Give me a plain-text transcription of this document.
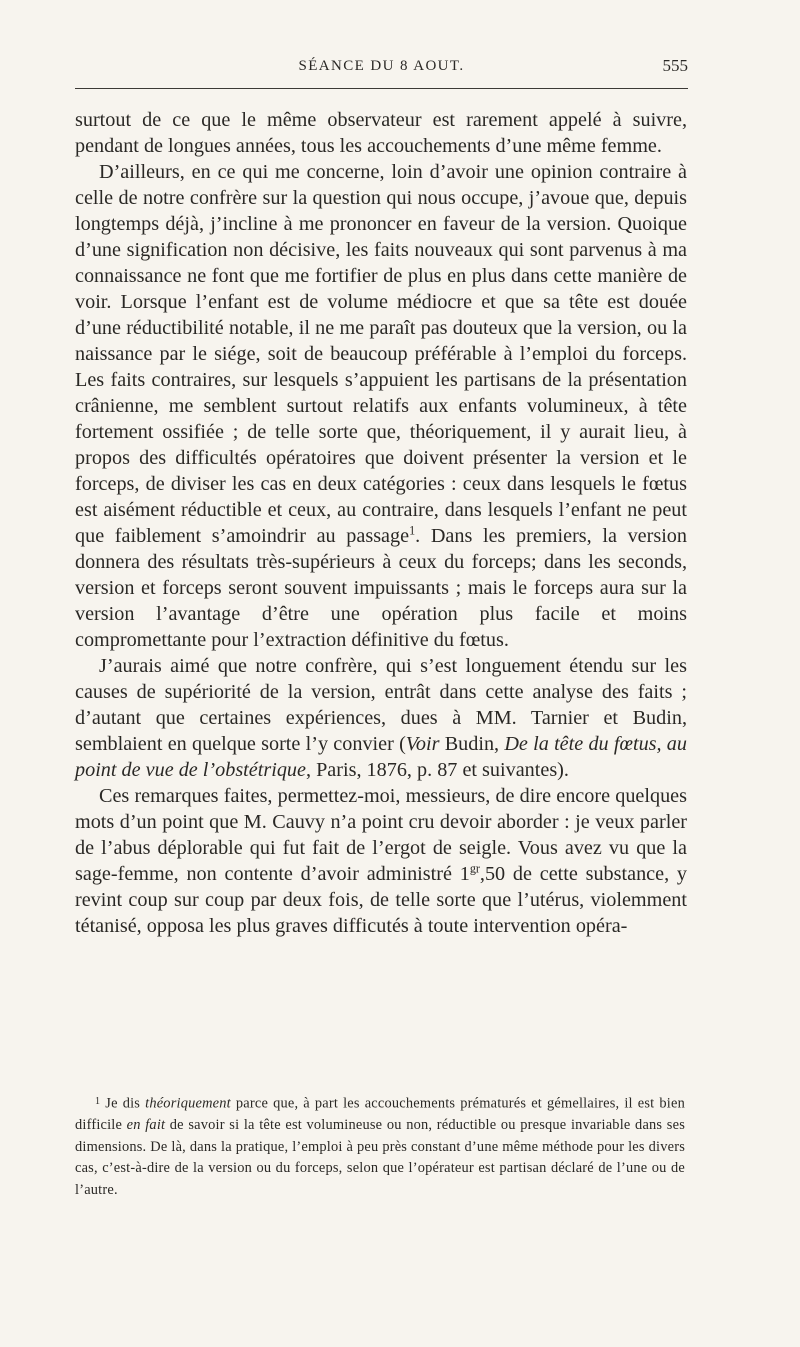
SÉANCE DU 8 AOUT.	555

surtout de ce que le même observateur est rarement appelé à suivre, pendant de longues années, tous les accouchements d’une même femme.

D’ailleurs, en ce qui me concerne, loin d’avoir une opinion contraire à celle de notre confrère sur la question qui nous occupe, j’avoue que, depuis longtemps déjà, j’incline à me prononcer en faveur de la version. Quoique d’une signification non décisive, les faits nouveaux qui sont parvenus à ma connaissance ne font que me fortifier de plus en plus dans cette manière de voir. Lorsque l’enfant est de volume médiocre et que sa tête est douée d’une réductibilité notable, il ne me paraît pas douteux que la version, ou la naissance par le siége, soit de beaucoup préférable à l’emploi du forceps. Les faits contraires, sur lesquels s’appuient les partisans de la présentation crânienne, me semblent surtout relatifs aux enfants volumineux, à tête fortement ossifiée ; de telle sorte que, théoriquement, il y aurait lieu, à propos des difficultés opératoires que doivent présenter la version et le forceps, de diviser les cas en deux catégories : ceux dans lesquels le fœtus est aisément réductible et ceux, au contraire, dans lesquels l’enfant ne peut que faiblement s’amoindrir au passage$^1$. Dans les premiers, la version donnera des résultats très-supérieurs à ceux du forceps; dans les seconds, version et forceps seront souvent impuissants ; mais le forceps aura sur la version l’avantage d’être une opération plus facile et moins compromettante pour l’extraction définitive du fœtus.

J’aurais aimé que notre confrère, qui s’est longuement étendu sur les causes de supériorité de la version, entrât dans cette analyse des faits ; d’autant que certaines expériences, dues à MM. Tarnier et Budin, semblaient en quelque sorte l’y convier (Voir Budin, De la tête du fœtus, au point de vue de l’obstétrique, Paris, 1876, p. 87 et suivantes).

Ces remarques faites, permettez-moi, messieurs, de dire encore quelques mots d’un point que M. Cauvy n’a point cru devoir aborder : je veux parler de l’abus déplorable qui fut fait de l’ergot de seigle. Vous avez vu que la sage-femme, non contente d’avoir administré $1^{gr},50$ de cette substance, y revint coup sur coup par deux fois, de telle sorte que l’utérus, violemment tétanisé, opposa les plus graves difficutés à toute intervention opéra-

$^1$ Je dis théoriquement parce que, à part les accouchements prématurés et gémellaires, il est bien difficile en fait de savoir si la tête est volumineuse ou non, réductible ou presque invariable dans ses dimensions. De là, dans la pratique, l’emploi à peu près constant d’une même méthode pour les divers cas, c’est-à-dire de la version ou du forceps, selon que l’opérateur est partisan déclaré de l’une ou de l’autre.
